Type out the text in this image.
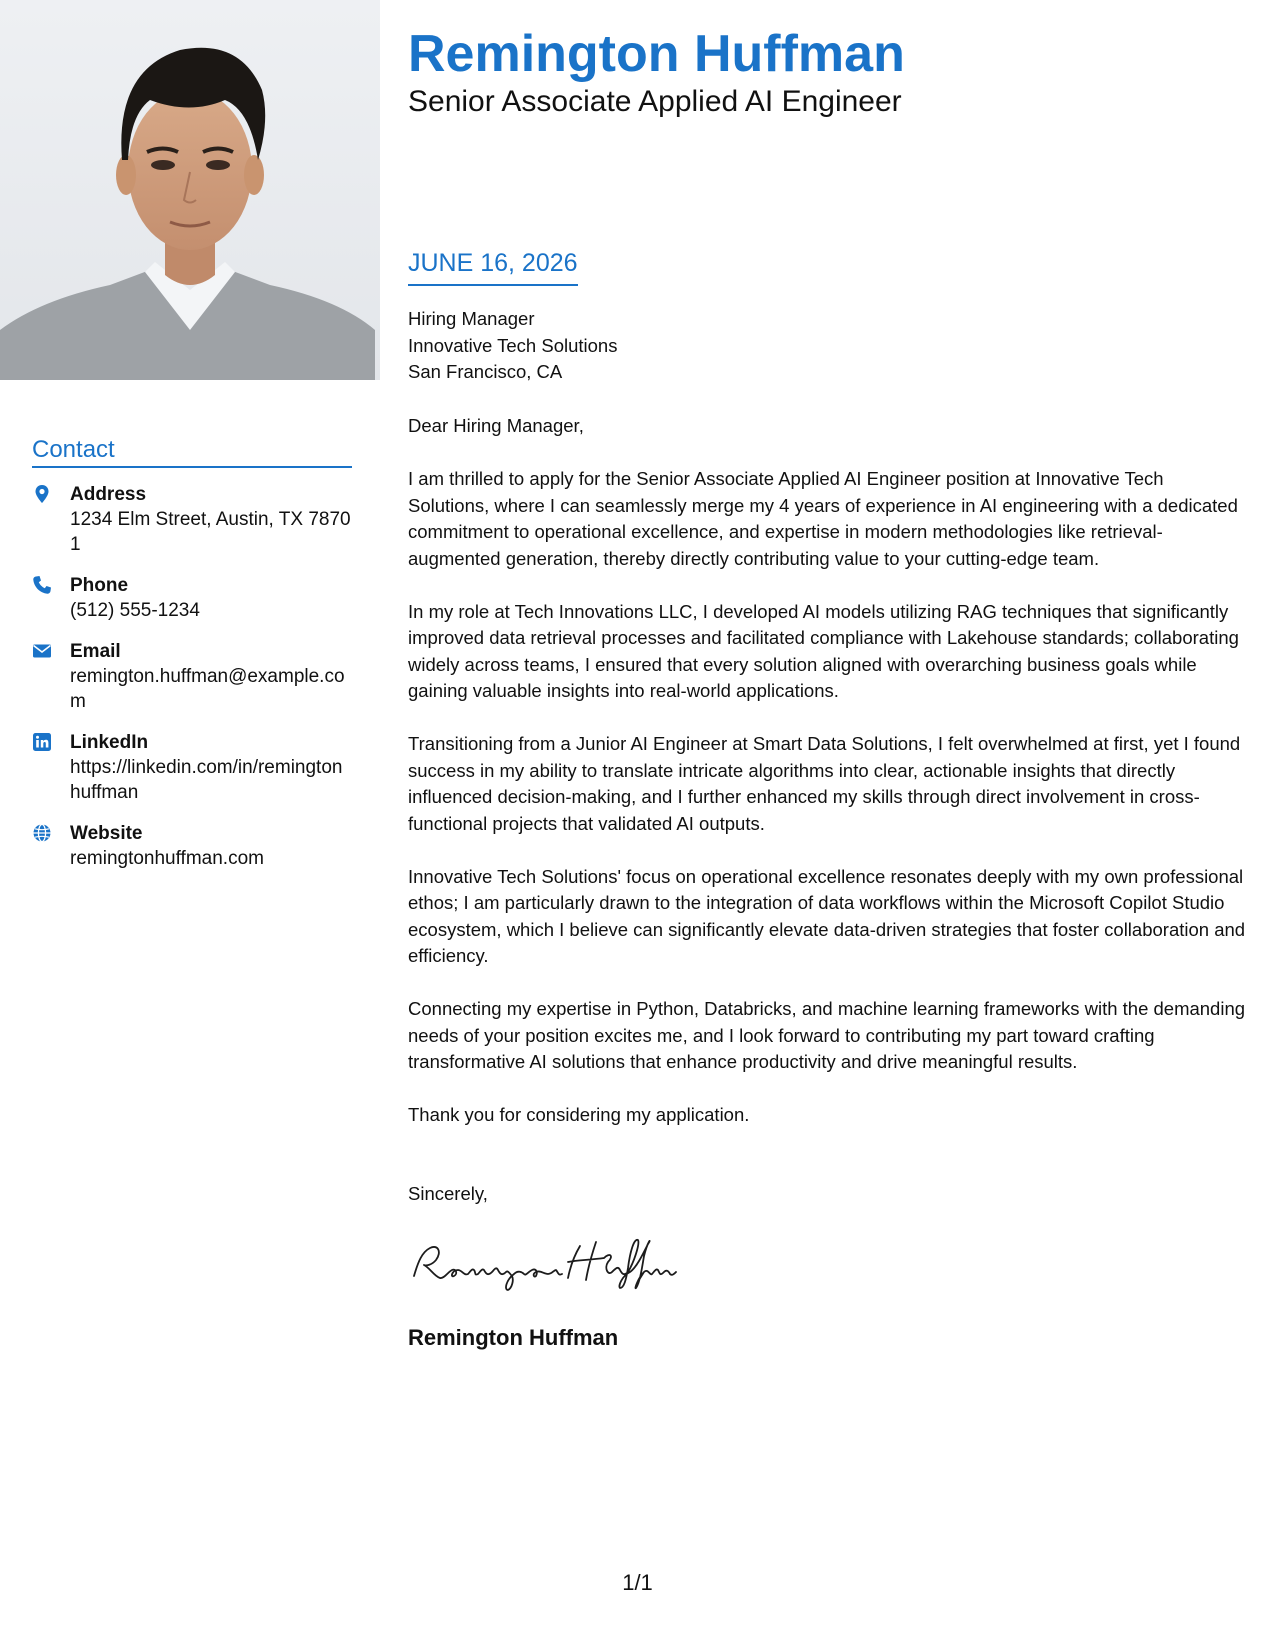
Contact
Address
1234 Elm Street, Austin, TX 78701
Phone
(512) 555-1234
Email
remington.huffman@example.com
LinkedIn
https://linkedin.com/in/remingtonhuffman
Website
remingtonhuffman.com
Remington Huffman
Senior Associate Applied AI Engineer
JUNE 16, 2026
Hiring Manager
Innovative Tech Solutions
San Francisco, CA

Dear Hiring Manager,

I am thrilled to apply for the Senior Associate Applied AI Engineer position at Innovative Tech Solutions, where I can seamlessly merge my 4 years of experience in AI engineering with a dedicated commitment to operational excellence, and expertise in modern methodologies like retrieval-augmented generation, thereby directly contributing value to your cutting-edge team.

In my role at Tech Innovations LLC, I developed AI models utilizing RAG techniques that significantly improved data retrieval processes and facilitated compliance with Lakehouse standards; collaborating widely across teams, I ensured that every solution aligned with overarching business goals while gaining valuable insights into real-world applications.

Transitioning from a Junior AI Engineer at Smart Data Solutions, I felt overwhelmed at first, yet I found success in my ability to translate intricate algorithms into clear, actionable insights that directly influenced decision-making, and I further enhanced my skills through direct involvement in cross-functional projects that validated AI outputs.

Innovative Tech Solutions' focus on operational excellence resonates deeply with my own professional ethos; I am particularly drawn to the integration of data workflows within the Microsoft Copilot Studio ecosystem, which I believe can significantly elevate data-driven strategies that foster collaboration and efficiency.

Connecting my expertise in Python, Databricks, and machine learning frameworks with the demanding needs of your position excites me, and I look forward to contributing my part toward crafting transformative AI solutions that enhance productivity and drive meaningful results.

Thank you for considering my application.

Sincerely,
Remington Huffman
1/1
